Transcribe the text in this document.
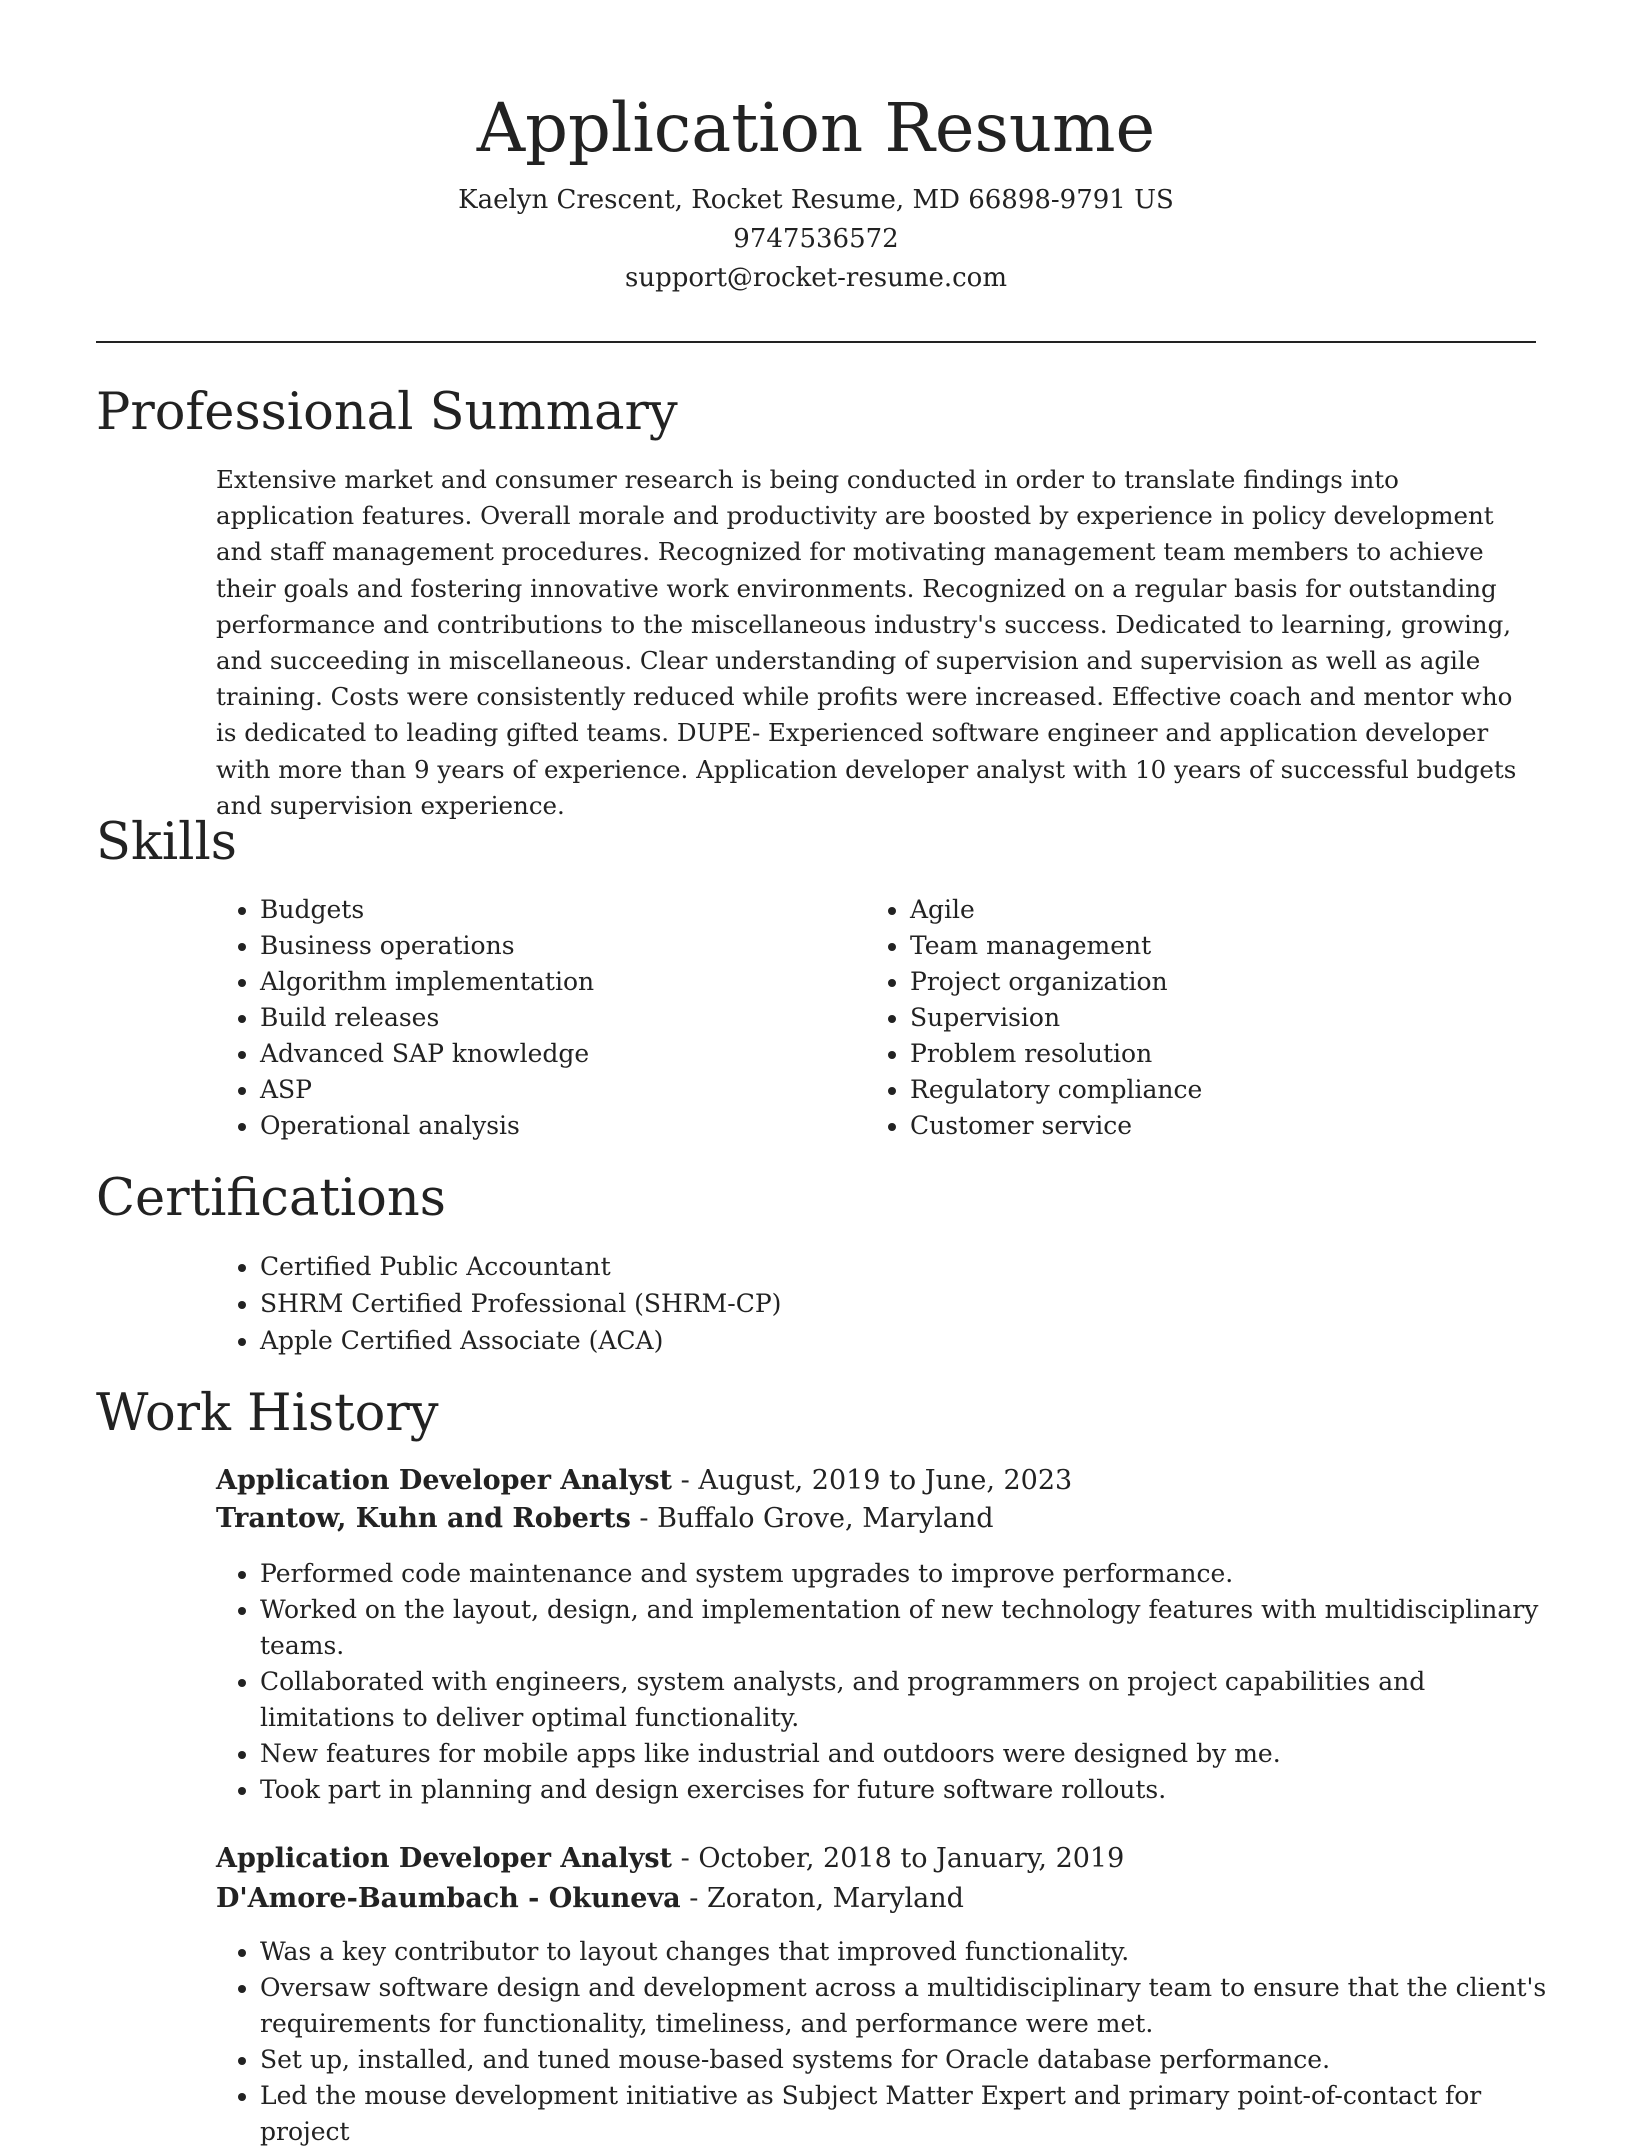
Application Resume

Kaelyn Crescent, Rocket Resume, MD 66898-9791 US

9747536572

support@rocket-resume.com

Professional Summary

Extensive market and consumer research is being conducted in order to translate findings into application features. Overall morale and productivity are boosted by experience in policy development and staff management procedures. Recognized for motivating management team members to achieve their goals and fostering innovative work environments. Recognized on a regular basis for outstanding performance and contributions to the miscellaneous industry's success. Dedicated to learning, growing, and succeeding in miscellaneous. Clear understanding of supervision and supervision as well as agile training. Costs were consistently reduced while profits were increased. Effective coach and mentor who is dedicated to leading gifted teams. DUPE- Experienced software engineer and application developer with more than 9 years of experience. Application developer analyst with 10 years of successful budgets and supervision experience.

Skills
• Budgets
• Business operations
• Algorithm implementation
• Build releases
• Advanced SAP knowledge
• ASP
• Operational analysis
• Agile
• Team management
• Project organization
• Supervision
• Problem resolution
• Regulatory compliance
• Customer service
Certifications
• Certified Public Accountant
• SHRM Certified Professional (SHRM-CP)
• Apple Certified Associate (ACA)
Work History

Application Developer Analyst - August, 2019 to June, 2023

Trantow, Kuhn and Roberts - Buffalo Grove, Maryland

• Performed code maintenance and system upgrades to improve performance.
• Worked on the layout, design, and implementation of new technology features with multidisciplinary teams.
• Collaborated with engineers, system analysts, and programmers on project capabilities and limitations to deliver optimal functionality.
• New features for mobile apps like industrial and outdoors were designed by me.
• Took part in planning and design exercises for future software rollouts.

Application Developer Analyst - October, 2018 to January, 2019

D'Amore-Baumbach - Okuneva - Zoraton, Maryland

• Was a key contributor to layout changes that improved functionality.
• Oversaw software design and development across a multidisciplinary team to ensure that the client's requirements for functionality, timeliness, and performance were met.
• Set up, installed, and tuned mouse-based systems for Oracle database performance.
• Led the mouse development initiative as Subject Matter Expert and primary point-of-contact for project
